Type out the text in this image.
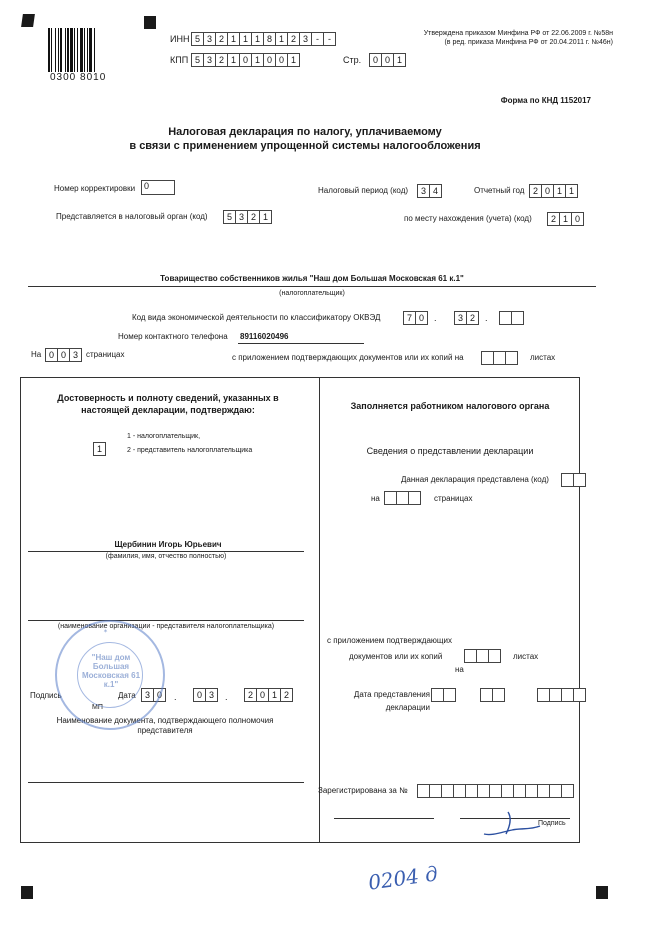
0300 8010
ИНН 5 3 2 1 1 1 8 1 2 3 -	-
КПП 5 3 2 1 0 1 0 0 1	Стр.	0 0 1
Утверждена приказом Минфина РФ от 22.06.2009 г. №58н
(в ред. приказа Минфина РФ от 20.04.2011 г. №46н)
Форма по КНД 1152017
Налоговая декларация по налогу, уплачиваемому
в связи с применением упрощенной системы налогообложения
Номер корректировки 0	Налоговый период (код)	3 4	Отчетный год 2 0 1 1
Представляется в налоговый орган (код)	5 3 2 1	по месту нахождения (учета) (код)	2 1 0
Товарищество собственников жилья "Наш дом Большая Московская 61 к.1"
(налогоплательщик)
Код вида экономической деятельности по классификатору ОКВЭД	7 0	.	3 2	.
Номер контактного телефона 89116020496
На 0 0 3	страницах	с приложением подтверждающих документов или их копий на	листах
Достоверность и полноту сведений, указанных в настоящей декларации, подтверждаю:
1
1 - налогоплательщик,
2 - представитель налогоплательщика
Щербинин Игорь Юрьевич
(фамилия, имя, отчество полностью)
(наименование организации - представителя налогоплательщика)
Подпись	Дата	3 0	.	0 3	.	2 0 1 2
МП
Наименование документа, подтверждающего полномочия представителя
✶
"Наш дом Большая Московская 61 к.1"
Заполняется работником налогового органа
Сведения о представлении декларации
Данная декларация представлена (код)
на	страницах
с приложением подтверждающих
документов или их копий	листах
на
Дата представления
декларации
Зарегистрирована за №
Подпись
0204 д
